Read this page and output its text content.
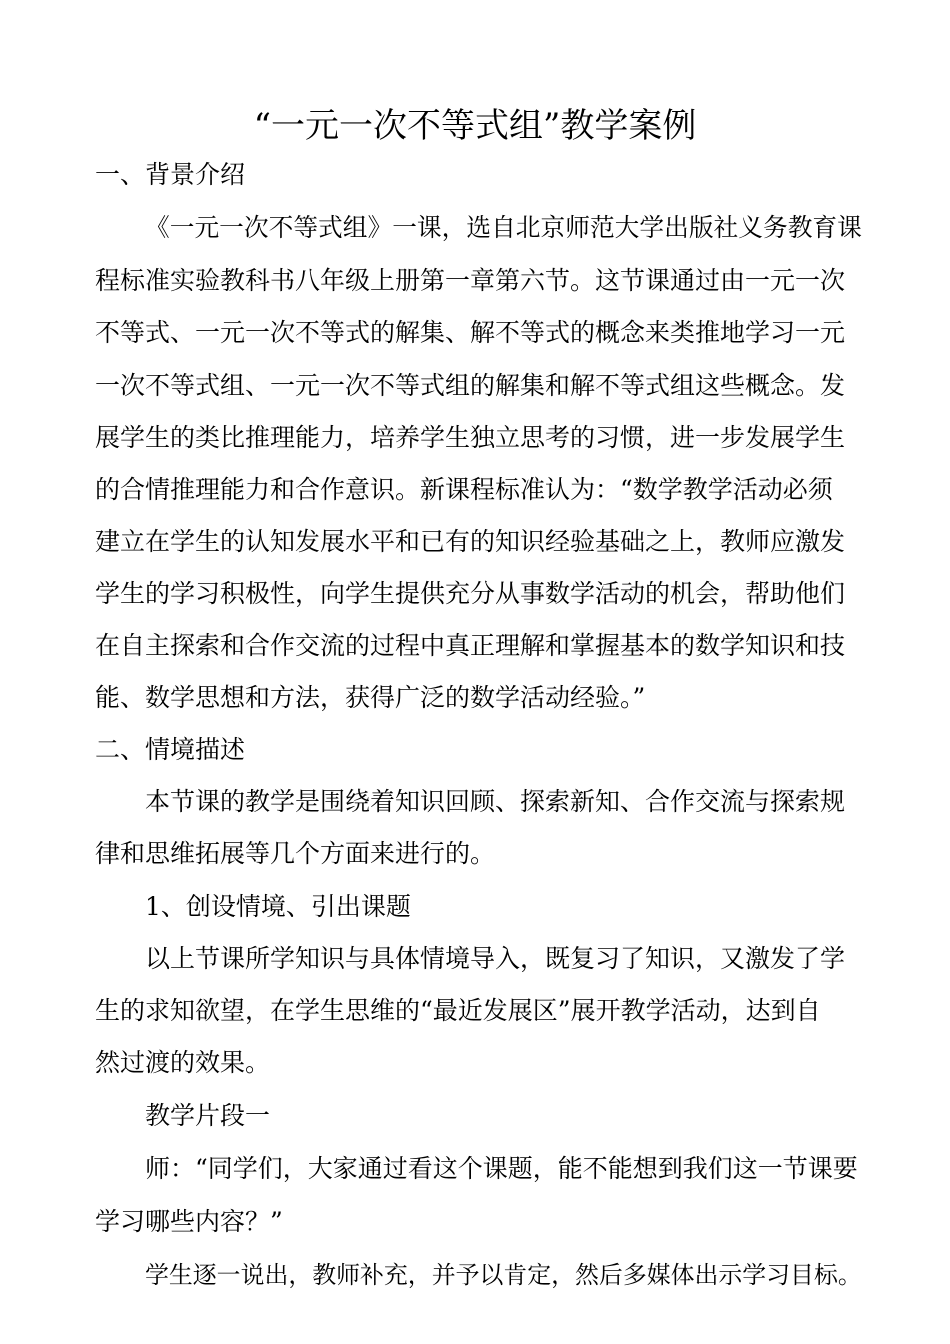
“一元一次不等式组”教学案例
一、背景介绍
《一元一次不等式组》一课，选自北京师范大学出版社义务教育课
程标准实验教科书八年级上册第一章第六节。这节课通过由一元一次
不等式、一元一次不等式的解集、解不等式的概念来类推地学习一元
一次不等式组、一元一次不等式组的解集和解不等式组这些概念。发
展学生的类比推理能力，培养学生独立思考的习惯，进一步发展学生
的合情推理能力和合作意识。新课程标准认为：“数学教学活动必须
建立在学生的认知发展水平和已有的知识经验基础之上，教师应激发
学生的学习积极性，向学生提供充分从事数学活动的机会，帮助他们
在自主探索和合作交流的过程中真正理解和掌握基本的数学知识和技
能、数学思想和方法，获得广泛的数学活动经验。”
二、情境描述
本节课的教学是围绕着知识回顾、探索新知、合作交流与探索规
律和思维拓展等几个方面来进行的。
1、创设情境、引出课题
以上节课所学知识与具体情境导入，既复习了知识，又激发了学
生的求知欲望，在学生思维的“最近发展区”展开教学活动，达到自
然过渡的效果。
教学片段一
师：“同学们，大家通过看这个课题，能不能想到我们这一节课要
学习哪些内容？”
学生逐一说出，教师补充，并予以肯定，然后多媒体出示学习目标。
